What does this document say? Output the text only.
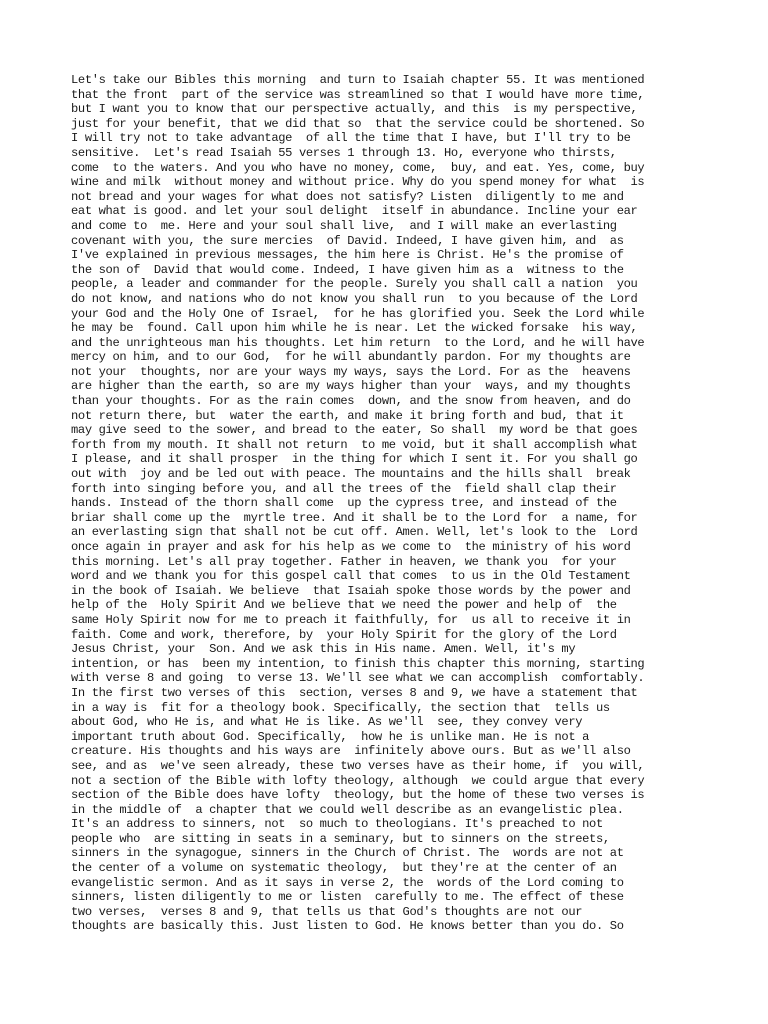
Let's take our Bibles this morning  and turn to Isaiah chapter 55. It was mentioned
that the front  part of the service was streamlined so that I would have more time,
but I want you to know that our perspective actually, and this  is my perspective,
just for your benefit, that we did that so  that the service could be shortened. So
I will try not to take advantage  of all the time that I have, but I'll try to be
sensitive.  Let's read Isaiah 55 verses 1 through 13. Ho, everyone who thirsts,
come  to the waters. And you who have no money, come,  buy, and eat. Yes, come, buy
wine and milk  without money and without price. Why do you spend money for what  is
not bread and your wages for what does not satisfy? Listen  diligently to me and
eat what is good. and let your soul delight  itself in abundance. Incline your ear
and come to  me. Here and your soul shall live,  and I will make an everlasting
covenant with you, the sure mercies  of David. Indeed, I have given him, and  as
I've explained in previous messages, the him here is Christ. He's the promise of
the son of  David that would come. Indeed, I have given him as a  witness to the
people, a leader and commander for the people. Surely you shall call a nation  you
do not know, and nations who do not know you shall run  to you because of the Lord
your God and the Holy One of Israel,  for he has glorified you. Seek the Lord while
he may be  found. Call upon him while he is near. Let the wicked forsake  his way,
and the unrighteous man his thoughts. Let him return  to the Lord, and he will have
mercy on him, and to our God,  for he will abundantly pardon. For my thoughts are
not your  thoughts, nor are your ways my ways, says the Lord. For as the  heavens
are higher than the earth, so are my ways higher than your  ways, and my thoughts
than your thoughts. For as the rain comes  down, and the snow from heaven, and do
not return there, but  water the earth, and make it bring forth and bud, that it
may give seed to the sower, and bread to the eater, So shall  my word be that goes
forth from my mouth. It shall not return  to me void, but it shall accomplish what
I please, and it shall prosper  in the thing for which I sent it. For you shall go
out with  joy and be led out with peace. The mountains and the hills shall  break
forth into singing before you, and all the trees of the  field shall clap their
hands. Instead of the thorn shall come  up the cypress tree, and instead of the
briar shall come up the  myrtle tree. And it shall be to the Lord for  a name, for
an everlasting sign that shall not be cut off. Amen. Well, let's look to the  Lord
once again in prayer and ask for his help as we come to  the ministry of his word
this morning. Let's all pray together. Father in heaven, we thank you  for your
word and we thank you for this gospel call that comes  to us in the Old Testament
in the book of Isaiah. We believe  that Isaiah spoke those words by the power and
help of the  Holy Spirit And we believe that we need the power and help of  the
same Holy Spirit now for me to preach it faithfully, for  us all to receive it in
faith. Come and work, therefore, by  your Holy Spirit for the glory of the Lord
Jesus Christ, your  Son. And we ask this in His name. Amen. Well, it's my
intention, or has  been my intention, to finish this chapter this morning, starting
with verse 8 and going  to verse 13. We'll see what we can accomplish  comfortably.
In the first two verses of this  section, verses 8 and 9, we have a statement that
in a way is  fit for a theology book. Specifically, the section that  tells us
about God, who He is, and what He is like. As we'll  see, they convey very
important truth about God. Specifically,  how he is unlike man. He is not a
creature. His thoughts and his ways are  infinitely above ours. But as we'll also
see, and as  we've seen already, these two verses have as their home, if  you will,
not a section of the Bible with lofty theology, although  we could argue that every
section of the Bible does have lofty  theology, but the home of these two verses is
in the middle of  a chapter that we could well describe as an evangelistic plea.
It's an address to sinners, not  so much to theologians. It's preached to not
people who  are sitting in seats in a seminary, but to sinners on the streets,
sinners in the synagogue, sinners in the Church of Christ. The  words are not at
the center of a volume on systematic theology,  but they're at the center of an
evangelistic sermon. And as it says in verse 2, the  words of the Lord coming to
sinners, listen diligently to me or listen  carefully to me. The effect of these
two verses,  verses 8 and 9, that tells us that God's thoughts are not our
thoughts are basically this. Just listen to God. He knows better than you do. So
